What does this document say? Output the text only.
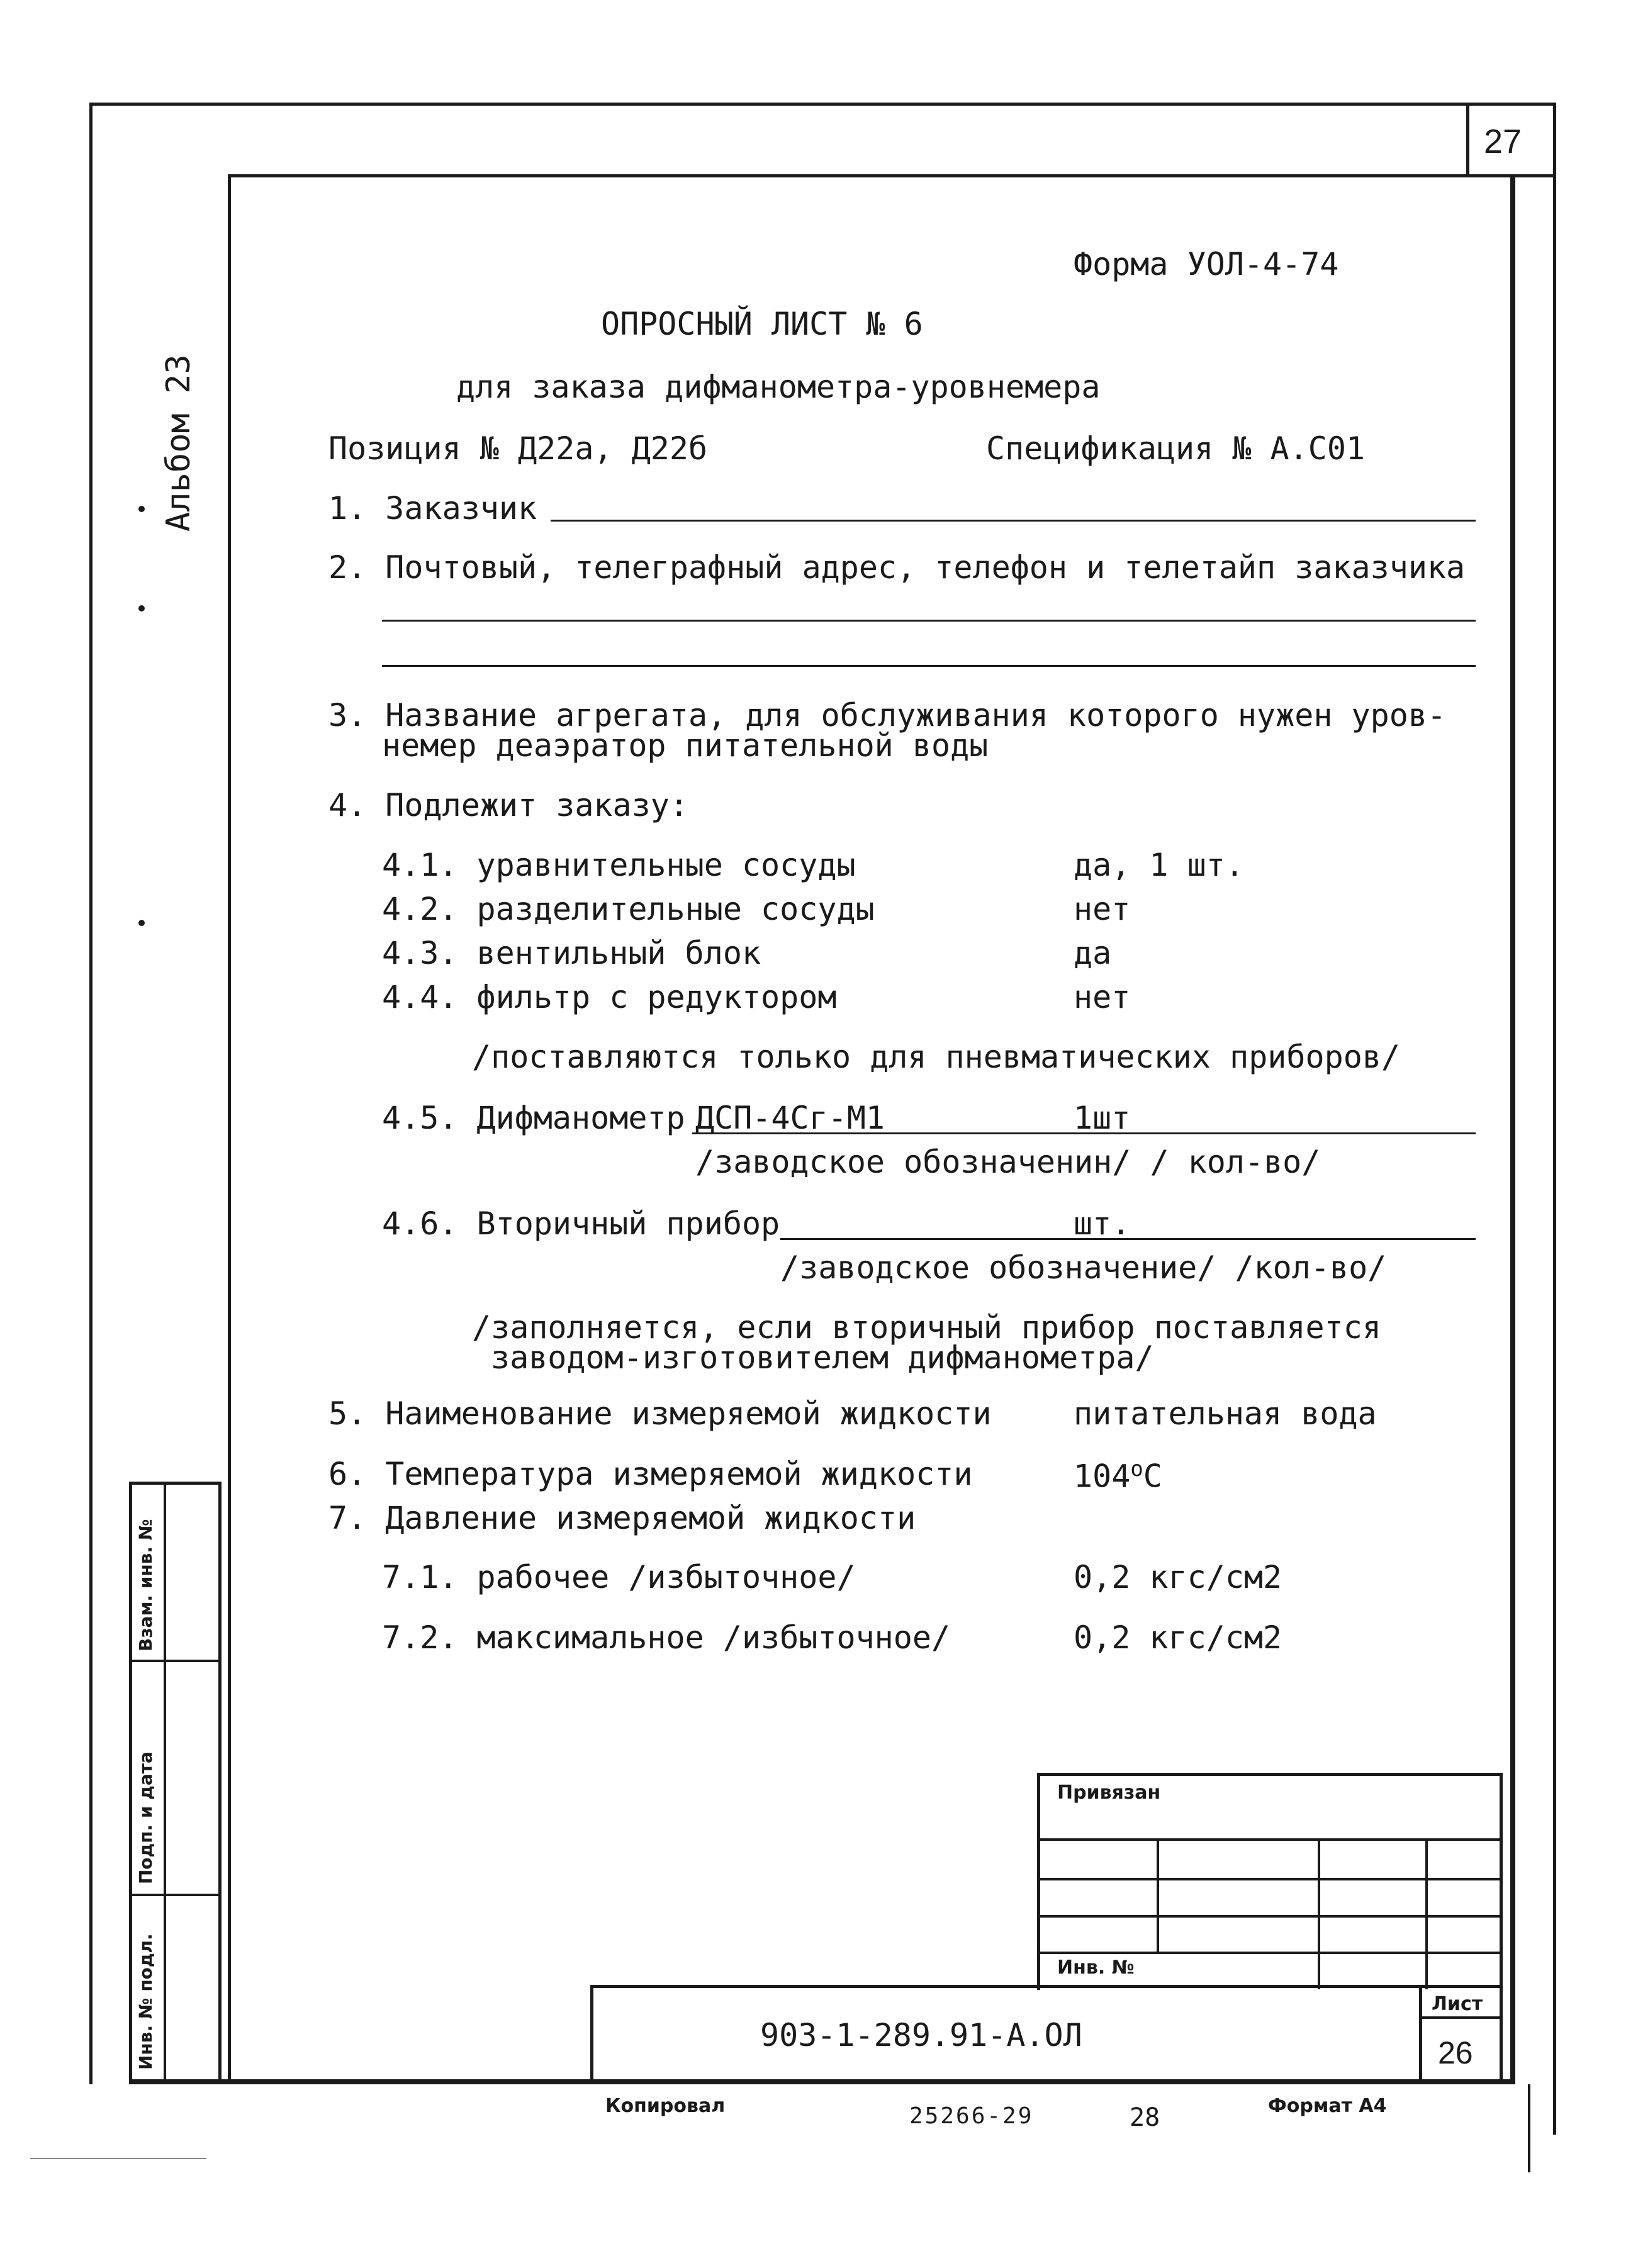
27
Альбом 23
Форма УОЛ-4-74
ОПРОСНЫЙ ЛИСТ № 6
для заказа дифманометра-уровнемера
Позиция № Д22а, Д22б	Спецификация № А.С01
1. Заказчик
2. Почтовый, телеграфный адрес, телефон и телетайп заказчика
3. Название агрегата, для обслуживания которого нужен уров-
немер деаэратор питательной воды
4. Подлежит заказу:
4.1. уравнительные сосуды	да, 1 шт.
4.2. разделительные сосуды	нет
4.3. вентильный блок	да
4.4. фильтр с редуктором	нет
/поставляются только для пневматических приборов/
4.5. Дифманометр ДСП-4Сг-М1	1шт
/заводское обозначенин/ / кол-во/
4.6. Вторичный прибор	шт.
/заводское обозначение/ /кол-во/
/заполняется, если вторичный прибор поставляется
заводом-изготовителем дифманометра/
5. Наименование измеряемой жидкости	питательная вода
6. Температура измеряемой жидкости	$104^оС$
7. Давление измеряемой жидкости
7.1. рабочее /избыточное/	0,2 кгс/см2
7.2. максимальное /избыточное/	0,2 кгс/см2
Взам. инв. №
Подп. и дата
Инв. № подл.
Привязан
Инв. №
903-1-289.91-А.ОЛ
Лист
26
Копировал	25266-29	28	Формат А4
